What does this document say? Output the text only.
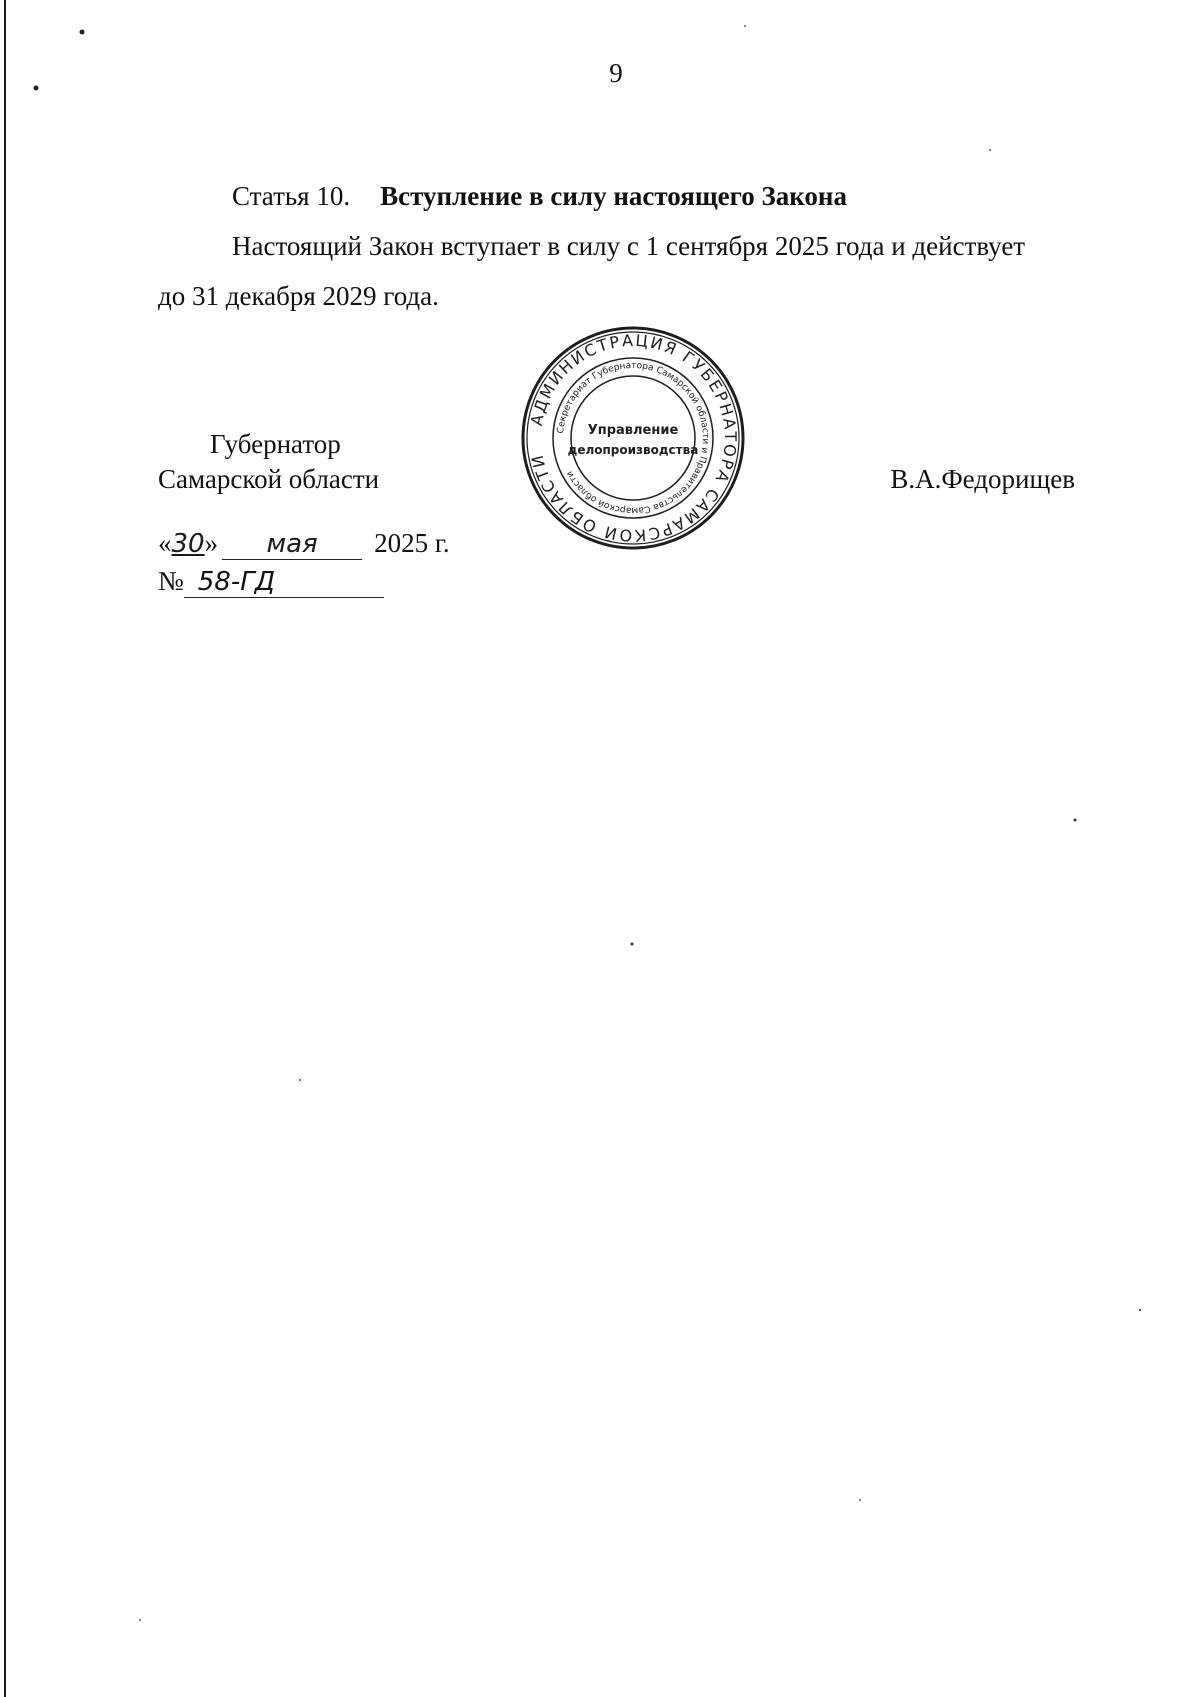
9
Статья 10. Вступление в силу настоящего Закона
Настоящий Закон вступает в силу с 1 сентября 2025 года и действует
до 31 декабря 2029 года.
Губернатор
Самарской области	В.А.Федорищев
АДМИНИСТРАЦИЯ ГУБЕРНАТОРА САМАРСКОЙ ОБЛАСТИ
Секретариат Губернатора Самарской области и Правительства Самарской области
Управление
делопроизводства
«30» мая 2025 г.
№ 58-ГД
